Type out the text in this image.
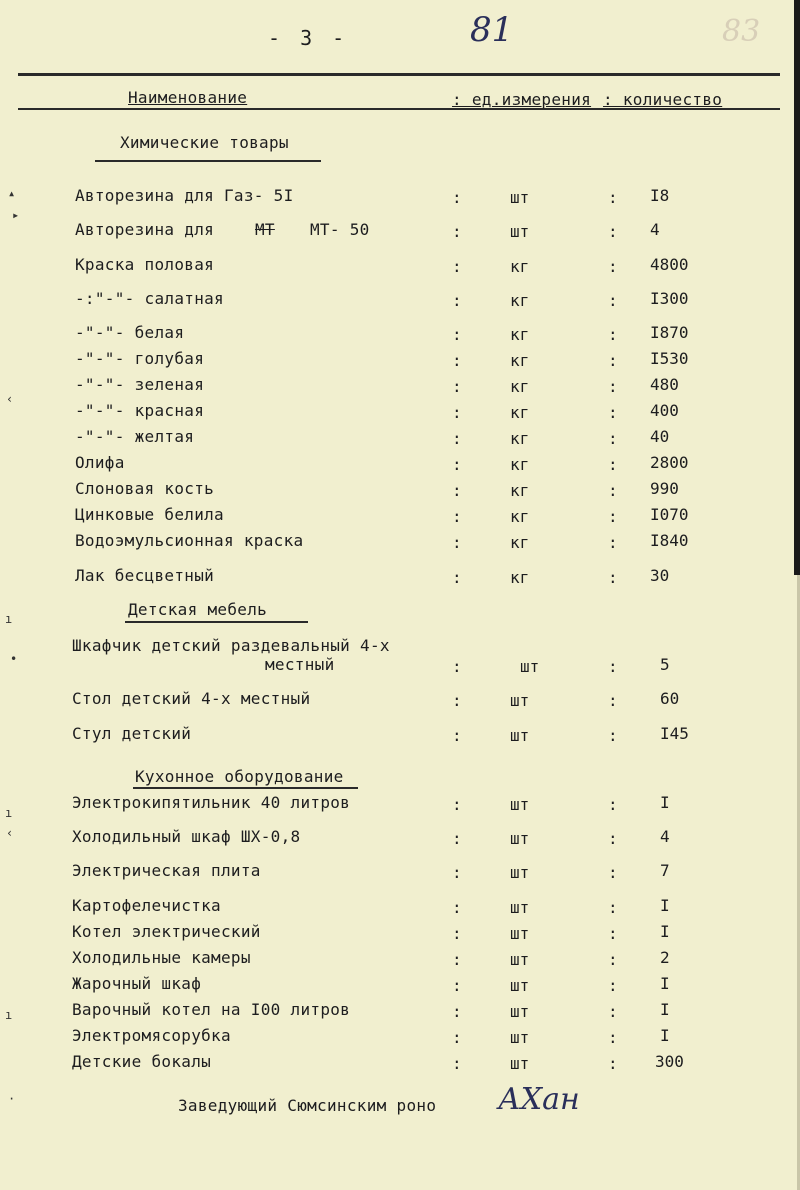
- 3 -	81	83
Наименование	: ед.измерения : количество
Химические товары
Авторезина для Газ- 5I	:	шт	: I8
Авторезина для	МТ МТ- 50	:	шт	: 4
Краска половая	:	кг	: 4800
-:"-"- салатная	:	кг	: I300
-"-"- белая	:	кг	: I870
-"-"- голубая	:	кг	: I530
-"-"- зеленая	:	кг	: 480
-"-"- красная	:	кг	: 400
-"-"- желтая	:	кг	: 40
Олифа	:	кг	: 2800
Слоновая кость	:	кг	: 990
Цинковые белила	:	кг	: I070
Водоэмульсионная краска	:	кг	: I840
Лак бесцветный	:	кг	: 30
Детская мебель
Шкафчик детский раздевальный 4-х
местный	:	шт	:	5
Стол детский 4-х местный	:	шт	:	60
Стул детский	:	шт	:	I45
Кухонное оборудование
Электрокипятильник 40 литров	:	шт	:	I
Холодильный шкаф ШХ-0,8	:	шт	:	4
Электрическая плита	:	шт	:	7
Картофелечистка	:	шт	:	I
Котел электрический	:	шт	:	I
Холодильные камеры	:	шт	:	2
Жарочный шкаф	:	шт	:	I
Варочный котел на I00 литров	:	шт	:	I
Электромясорубка	:	шт	:	I
Детские бокалы	:	шт	: 300
Заведующий Сюмсинским роно АХан
▴
▸
‹
ı
•
ı
‹
ı
·
